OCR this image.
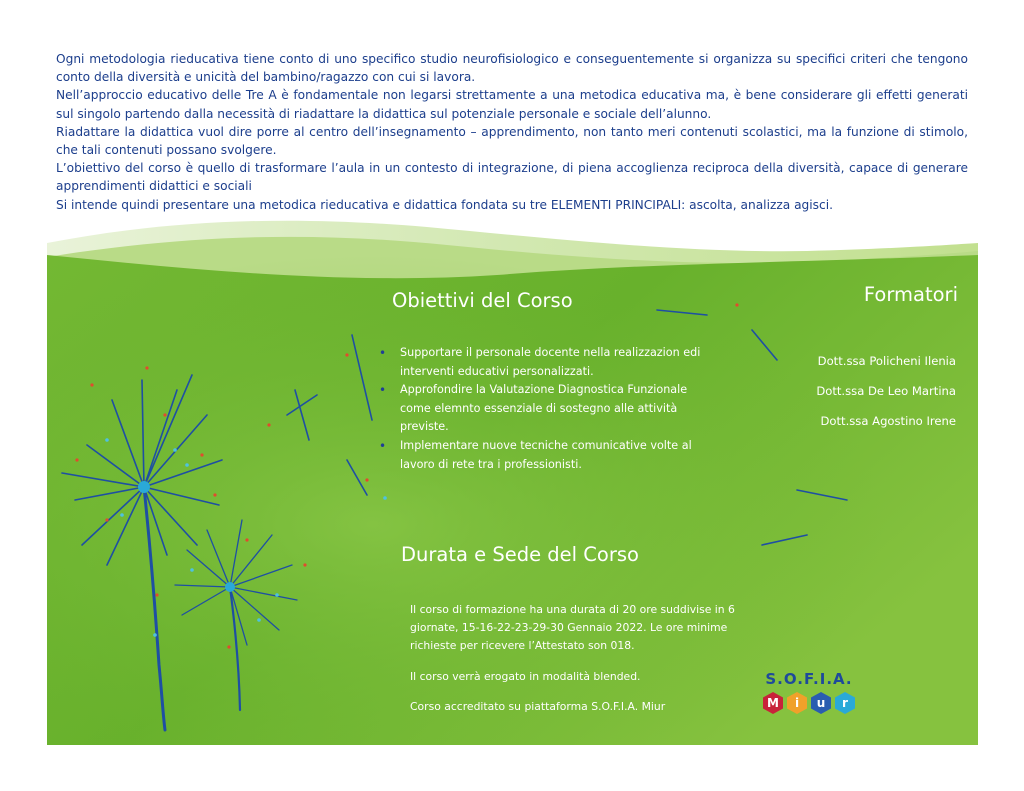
Ogni metodologia rieducativa tiene conto di uno specifico studio neurofisiologico e conseguentemente si organizza su specifici criteri che tengono conto della diversità e unicità del bambino/ragazzo con cui si lavora.

Nell’approccio educativo delle Tre A è fondamentale non legarsi strettamente a una metodica educativa ma, è bene considerare gli effetti generati sul singolo partendo dalla necessità di riadattare la didattica sul potenziale personale e sociale dell’alunno.

Riadattare la didattica vuol dire porre al centro dell’insegnamento – apprendimento, non tanto meri contenuti scolastici, ma la funzione di stimolo, che tali contenuti possano svolgere.

L’obiettivo del corso è quello di trasformare l’aula in un contesto di integrazione, di piena accoglienza reciproca della diversità, capace di generare apprendimenti didattici e sociali

Si intende quindi presentare una metodica rieducativa e didattica fondata su tre ELEMENTI PRINCIPALI: ascolta, analizza agisci.

Obiettivi del Corso
• Supportare il personale docente nella realizzazion edi interventi educativi personalizzati.
• Approfondire la Valutazione Diagnostica Funzionale come elemnto essenziale di sostegno alle attività previste.
• Implementare nuove tecniche comunicative volte al lavoro di rete tra i professionisti.
Formatori
Dott.ssa Policheni Ilenia
Dott.ssa De Leo Martina
Dott.ssa Agostino Irene
Durata e Sede del Corso

Il corso di formazione ha una durata di 20 ore suddivise in 6 giornate, 15-16-22-23-29-30 Gennaio 2022. Le ore minime richieste per ricevere l’Attestato son 018.

Il corso verrà erogato in modalità blended.

Corso accreditato su piattaforma S.O.F.I.A. Miur

S.O.F.I.A.
M	i	u	r
